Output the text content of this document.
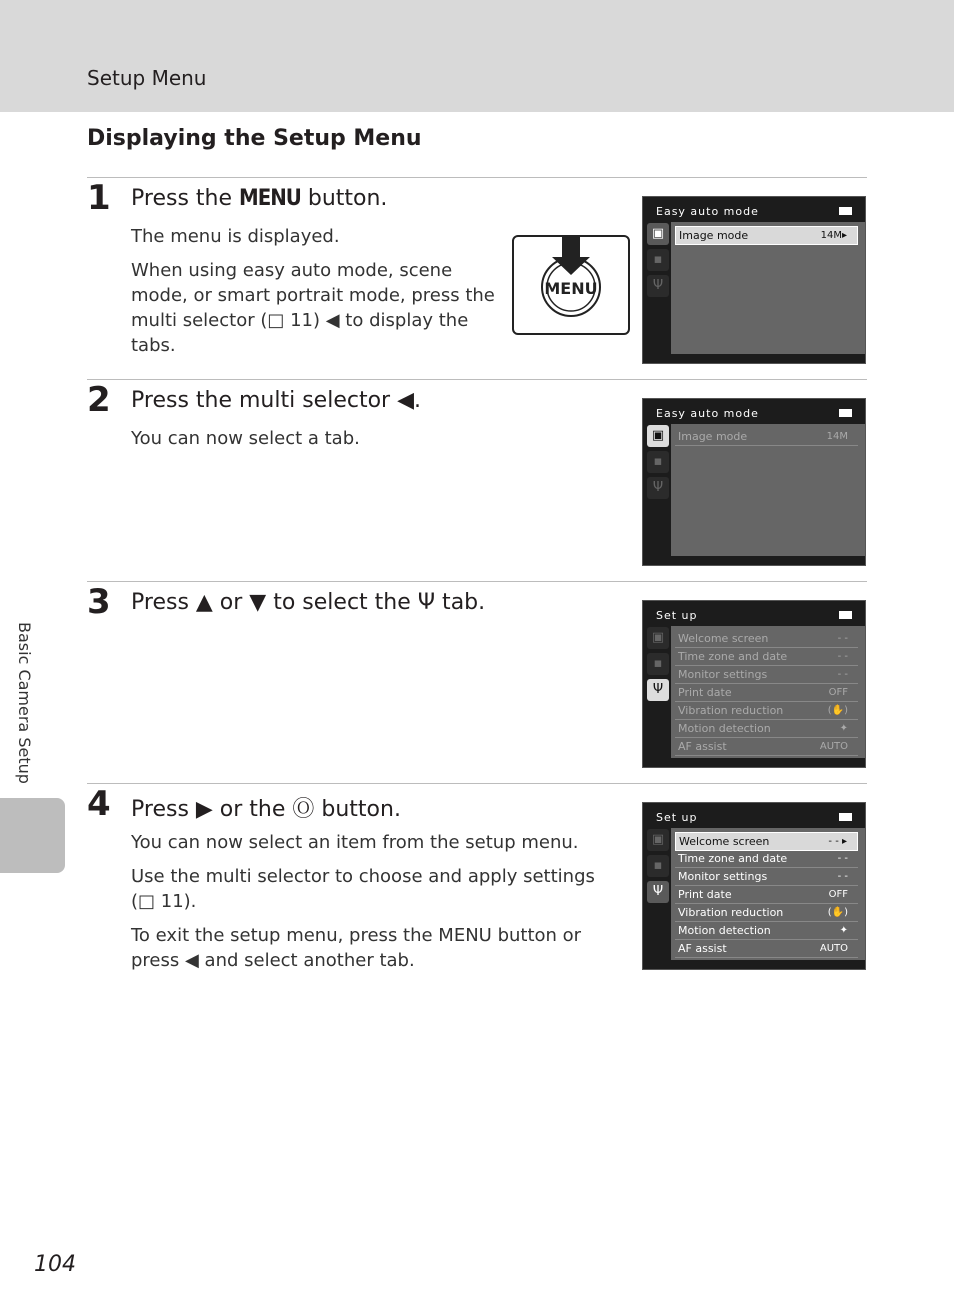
Setup Menu
Displaying the Setup Menu
1 Press the MENU button.

The menu is displayed.

When using easy auto mode, scene mode, or smart portrait mode, press the multi selector (□ 11) ◀ to display the tabs.

MENU
Easy auto mode
▣
▪
Ψ
Image mode	14M▸
2 Press the multi selector ◀.

You can now select a tab.

Easy auto mode
▣
▪
Ψ
Image mode	14M
3 Press ▲ or ▼ to select the Ψ tab.
Set up
▣
▪
Ψ
Welcome screen	- -
Time zone and date	- -
Monitor settings	- -
Print date	OFF
Vibration reduction	(✋)
Motion detection	✦
AF assist	AUTO
4 Press ▶ or the Ⓞ button.

You can now select an item from the setup menu.

Use the multi selector to choose and apply settings (□ 11).

To exit the setup menu, press the MENU button or press ◀ and select another tab.

Set up
▣
▪
Ψ
Welcome screen	- - ▸
Time zone and date	- -
Monitor settings	- -
Print date	OFF
Vibration reduction	(✋)
Motion detection	✦
AF assist	AUTO
Basic Camera Setup
104
